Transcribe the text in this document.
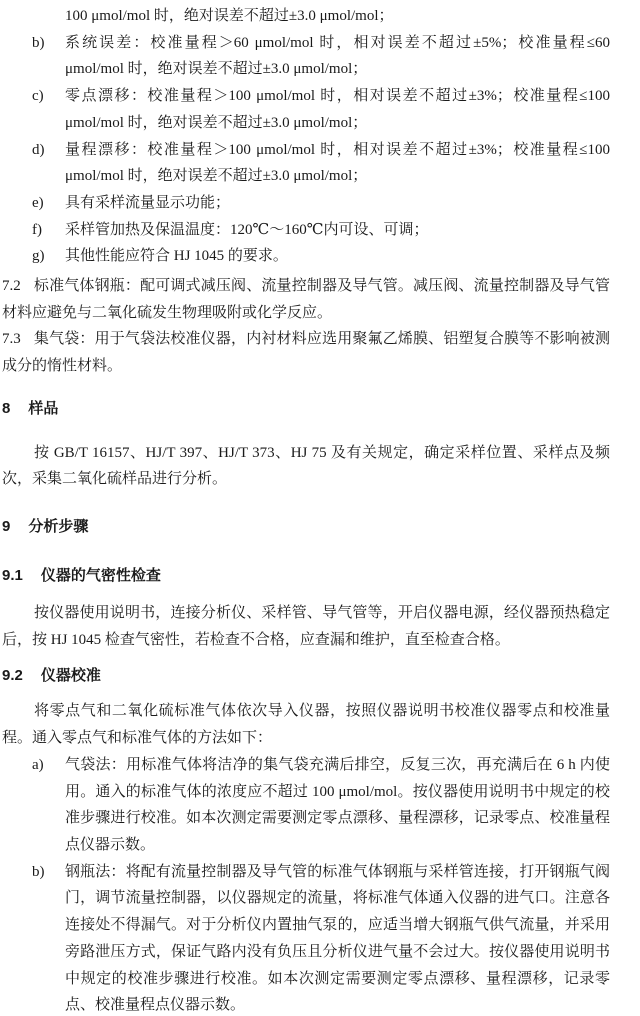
100 μmol/mol 时，绝对误差不超过±3.0 μmol/mol；
b) 系统误差：校准量程＞60 μmol/mol 时，相对误差不超过±5%；校准量程≤60 μmol/mol 时，绝对误差不超过±3.0 μmol/mol；
c) 零点漂移：校准量程＞100 μmol/mol 时，相对误差不超过±3%；校准量程≤100 μmol/mol 时，绝对误差不超过±3.0 μmol/mol；
d) 量程漂移：校准量程＞100 μmol/mol 时，相对误差不超过±3%；校准量程≤100 μmol/mol 时，绝对误差不超过±3.0 μmol/mol；
e) 具有采样流量显示功能；
f) 采样管加热及保温温度：120℃～160℃内可设、可调；
g) 其他性能应符合 HJ 1045 的要求。

7.2 标准气体钢瓶：配可调式减压阀、流量控制器及导气管。减压阀、流量控制器及导气管材料应避免与二氧化硫发生物理吸附或化学反应。

7.3 集气袋：用于气袋法校准仪器，内衬材料应选用聚氟乙烯膜、铝塑复合膜等不影响被测成分的惰性材料。

8 样品

按 GB/T 16157、HJ/T 397、HJ/T 373、HJ 75 及有关规定，确定采样位置、采样点及频次，采集二氧化硫样品进行分析。

9 分析步骤
9.1 仪器的气密性检查

按仪器使用说明书，连接分析仪、采样管、导气管等，开启仪器电源，经仪器预热稳定后，按 HJ 1045 检查气密性，若检查不合格，应查漏和维护，直至检查合格。

9.2 仪器校准

将零点气和二氧化硫标准气体依次导入仪器，按照仪器说明书校准仪器零点和校准量程。通入零点气和标准气体的方法如下：

a) 气袋法：用标准气体将洁净的集气袋充满后排空，反复三次，再充满后在 6 h 内使用。通入的标准气体的浓度应不超过 100 μmol/mol。按仪器使用说明书中规定的校准步骤进行校准。如本次测定需要测定零点漂移、量程漂移，记录零点、校准量程点仪器示数。
b) 钢瓶法：将配有流量控制器及导气管的标准气体钢瓶与采样管连接，打开钢瓶气阀门，调节流量控制器，以仪器规定的流量，将标准气体通入仪器的进气口。注意各连接处不得漏气。对于分析仪内置抽气泵的，应适当增大钢瓶气供气流量，并采用旁路泄压方式，保证气路内没有负压且分析仪进气量不会过大。按仪器使用说明书中规定的校准步骤进行校准。如本次测定需要测定零点漂移、量程漂移，记录零点、校准量程点仪器示数。
